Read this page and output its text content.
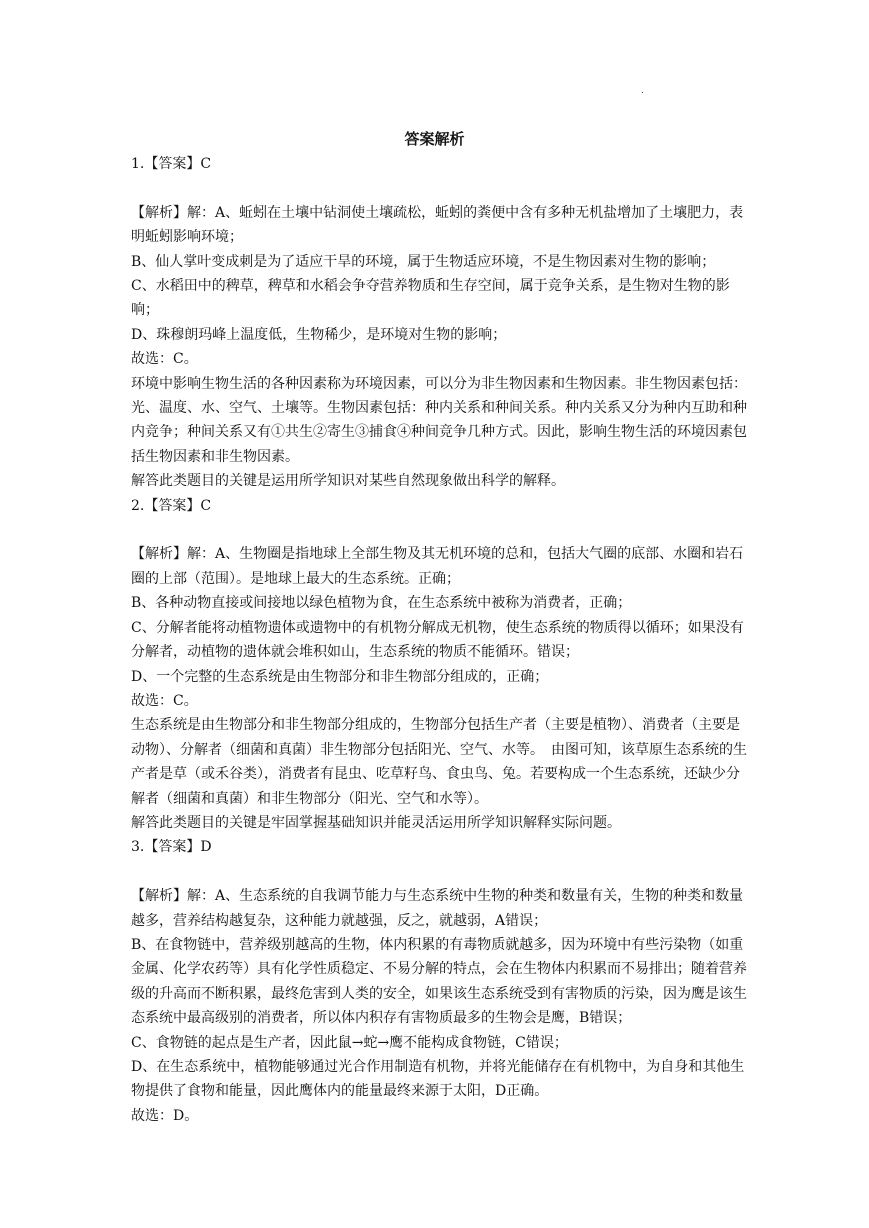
.
答案解析

1.【答案】C

【解析】解：A、蚯蚓在土壤中钻洞使土壤疏松，蚯蚓的粪便中含有多种无机盐增加了土壤肥力，表明蚯蚓影响环境；

B、仙人掌叶变成刺是为了适应干旱的环境，属于生物适应环境，不是生物因素对生物的影响；

C、水稻田中的稗草，稗草和水稻会争夺营养物质和生存空间，属于竞争关系，是生物对生物的影响；

D、珠穆朗玛峰上温度低，生物稀少，是环境对生物的影响；

故选：C。

环境中影响生物生活的各种因素称为环境因素，可以分为非生物因素和生物因素。非生物因素包括：光、温度、水、空气、土壤等。生物因素包括：种内关系和种间关系。种内关系又分为种内互助和种内竞争；种间关系又有①共生②寄生③捕食④种间竞争几种方式。因此，影响生物生活的环境因素包括生物因素和非生物因素。

解答此类题目的关键是运用所学知识对某些自然现象做出科学的解释。

2.【答案】C

【解析】解：A、生物圈是指地球上全部生物及其无机环境的总和，包括大气圈的底部、水圈和岩石圈的上部（范围）。是地球上最大的生态系统。正确；

B、各种动物直接或间接地以绿色植物为食，在生态系统中被称为消费者，正确；

C、分解者能将动植物遗体或遗物中的有机物分解成无机物，使生态系统的物质得以循环；如果没有分解者，动植物的遗体就会堆积如山，生态系统的物质不能循环。错误；

D、一个完整的生态系统是由生物部分和非生物部分组成的，正确；

故选：C。

生态系统是由生物部分和非生物部分组成的，生物部分包括生产者（主要是植物）、消费者（主要是动物）、分解者（细菌和真菌）非生物部分包括阳光、空气、水等。　由图可知，该草原生态系统的生产者是草（或禾谷类），消费者有昆虫、吃草籽鸟、食虫鸟、兔。若要构成一个生态系统，还缺少分解者（细菌和真菌）和非生物部分（阳光、空气和水等）。

解答此类题目的关键是牢固掌握基础知识并能灵活运用所学知识解释实际问题。

3.【答案】D

【解析】解：A、生态系统的自我调节能力与生态系统中生物的种类和数量有关，生物的种类和数量越多，营养结构越复杂，这种能力就越强，反之，就越弱，A错误；

B、在食物链中，营养级别越高的生物，体内积累的有毒物质就越多，因为环境中有些污染物（如重金属、化学农药等）具有化学性质稳定、不易分解的特点，会在生物体内积累而不易排出；随着营养级的升高而不断积累，最终危害到人类的安全，如果该生态系统受到有害物质的污染，因为鹰是该生态系统中最高级别的消费者，所以体内积存有害物质最多的生物会是鹰，B错误；

C、食物链的起点是生产者，因此鼠→蛇→鹰不能构成食物链，C错误；

D、在生态系统中，植物能够通过光合作用制造有机物，并将光能储存在有机物中，为自身和其他生物提供了食物和能量，因此鹰体内的能量最终来源于太阳，D正确。

故选：D。
